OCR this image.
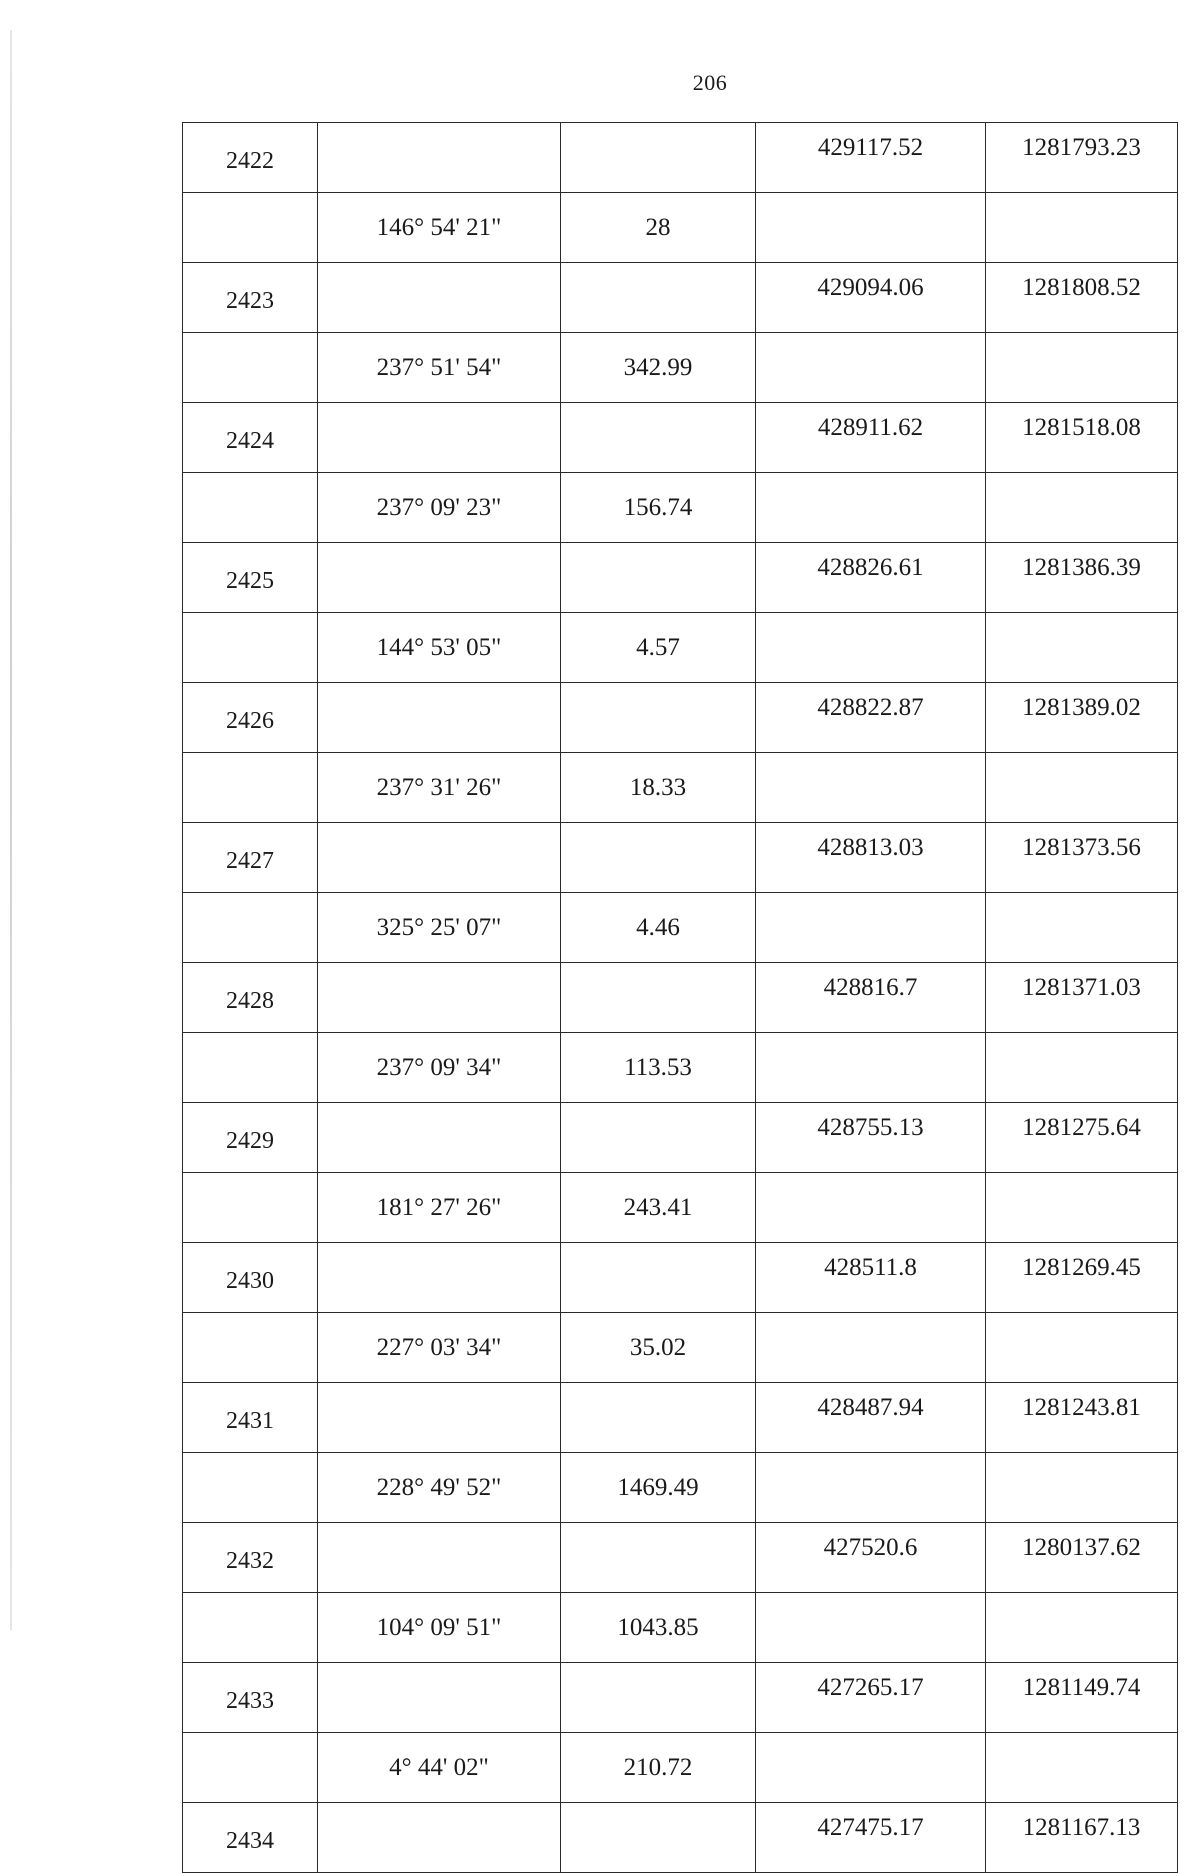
206
2422			429117.52	1281793.23
	146° 54' 21"	28		
2423			429094.06	1281808.52
	237° 51' 54"	342.99		
2424			428911.62	1281518.08
	237° 09' 23"	156.74		
2425			428826.61	1281386.39
	144° 53' 05"	4.57		
2426			428822.87	1281389.02
	237° 31' 26"	18.33		
2427			428813.03	1281373.56
	325° 25' 07"	4.46		
2428			428816.7	1281371.03
	237° 09' 34"	113.53		
2429			428755.13	1281275.64
	181° 27' 26"	243.41		
2430			428511.8	1281269.45
	227° 03' 34"	35.02		
2431			428487.94	1281243.81
	228° 49' 52"	1469.49		
2432			427520.6	1280137.62
	104° 09' 51"	1043.85		
2433			427265.17	1281149.74
	4° 44' 02"	210.72		
2434			427475.17	1281167.13
